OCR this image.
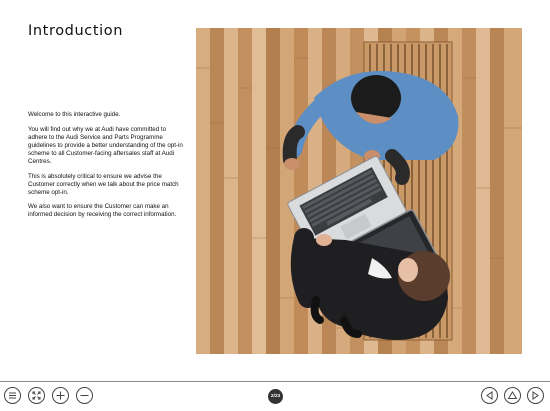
Introduction

Welcome to this interactive guide.

You will find out why we at Audi have committed to adhere to the Audi Service and Parts Programme guidelines to provide a better understanding of the opt-in scheme to all Customer-facing aftersales staff at Audi Centres.

This is absolutely critical to ensure we advise the Customer correctly when we talk about the price match scheme opt-in.

We also want to ensure the Customer can make an informed decision by receiving the correct information.

2/23
